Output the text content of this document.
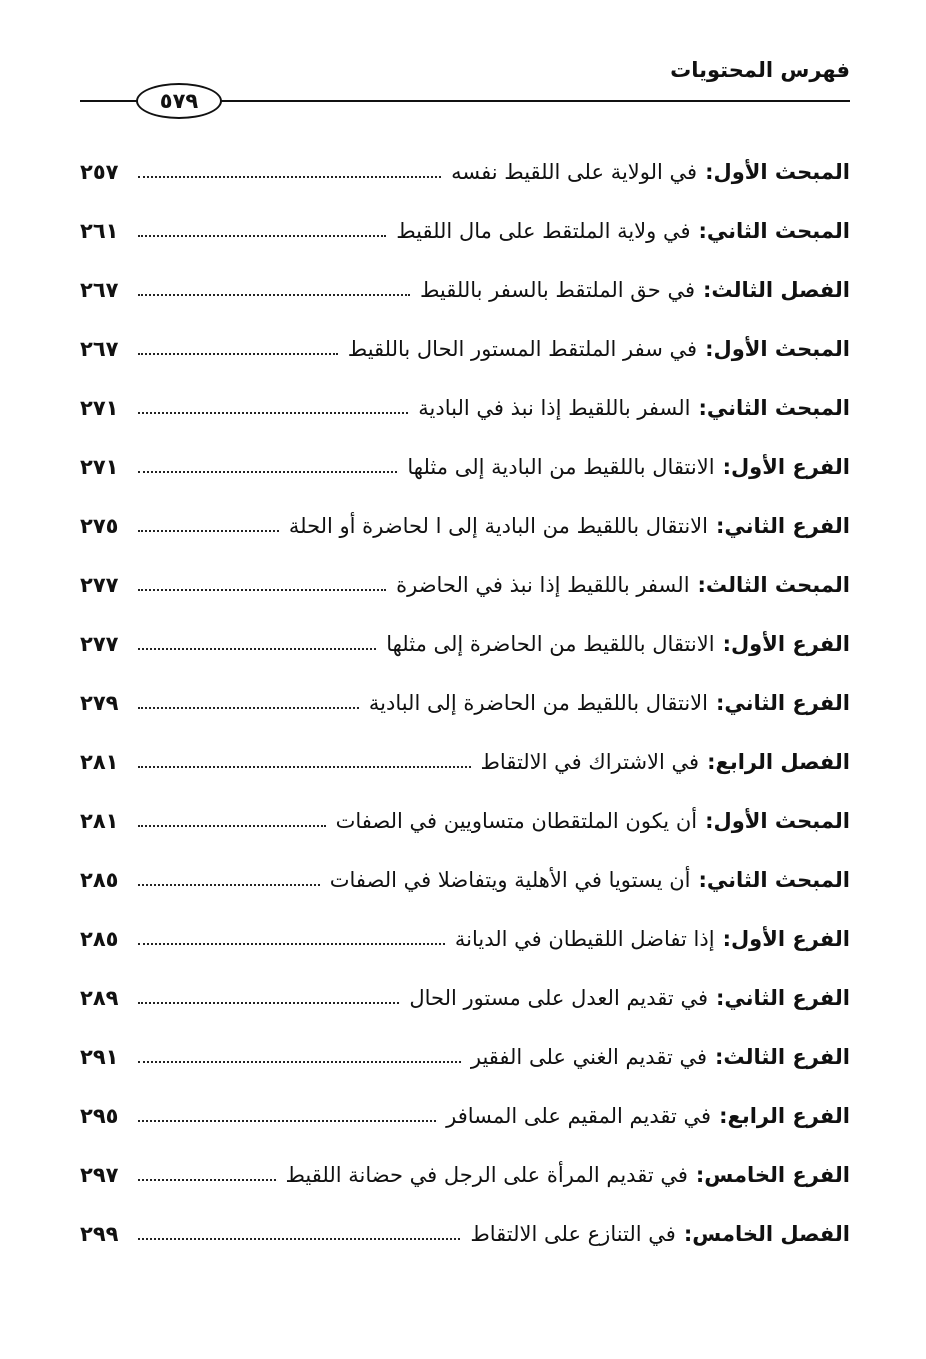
فهرس المحتويات
٥٧٩
المبحث الأول:
في الولاية على اللقيط نفسه
٢٥٧
المبحث الثاني:
في ولاية الملتقط على مال اللقيط
٢٦١
الفصل الثالث:
في حق الملتقط بالسفر باللقيط
٢٦٧
المبحث الأول:
في سفر الملتقط المستور الحال باللقيط
٢٦٧
المبحث الثاني:
السفر باللقيط إذا نبذ في البادية
٢٧١
الفرع الأول:
الانتقال باللقيط من البادية إلى مثلها
٢٧١
الفرع الثاني:
الانتقال باللقيط من البادية إلى ا لحاضرة أو الحلة
٢٧٥
المبحث الثالث:
السفر باللقيط إذا نبذ في الحاضرة
٢٧٧
الفرع الأول:
الانتقال باللقيط من الحاضرة إلى مثلها
٢٧٧
الفرع الثاني:
الانتقال باللقيط من الحاضرة إلى البادية
٢٧٩
الفصل الرابع:
في الاشتراك في الالتقاط
٢٨١
المبحث الأول:
أن يكون الملتقطان متساويين في الصفات
٢٨١
المبحث الثاني:
أن يستويا في الأهلية ويتفاضلا في الصفات
٢٨٥
الفرع الأول:
إذا تفاضل اللقيطان في الديانة
٢٨٥
الفرع الثاني:
في تقديم العدل على مستور الحال
٢٨٩
الفرع الثالث:
في تقديم الغني على الفقير
٢٩١
الفرع الرابع:
في تقديم المقيم على المسافر
٢٩٥
الفرع الخامس:
في تقديم المرأة على الرجل في حضانة اللقيط
٢٩٧
الفصل الخامس:
في التنازع على الالتقاط
٢٩٩
